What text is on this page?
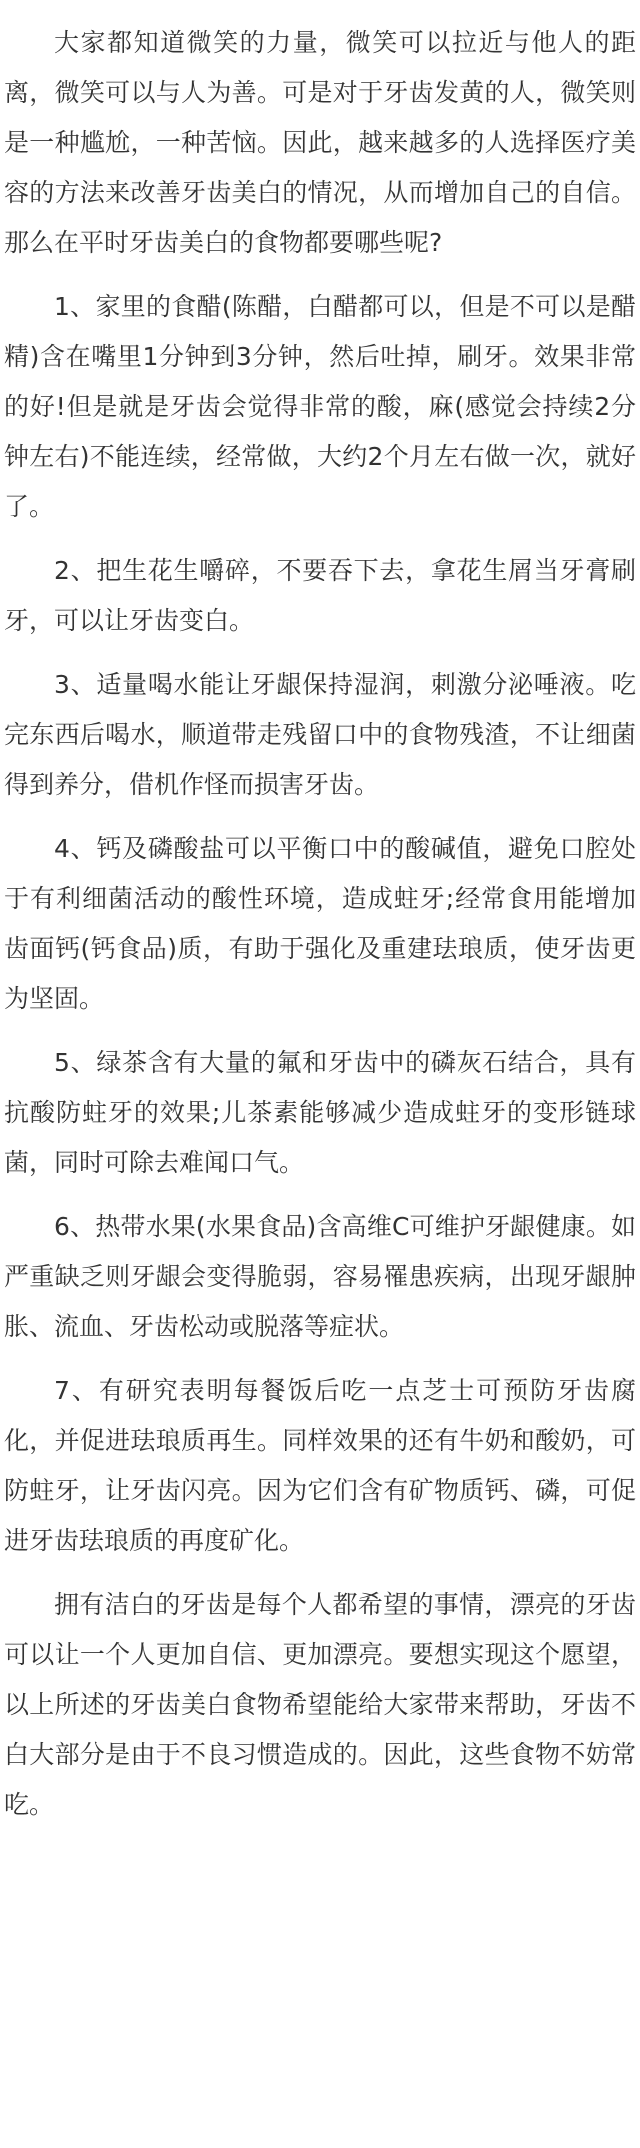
大家都知道微笑的力量，微笑可以拉近与他人的距离，微笑可以与人为善。可是对于牙齿发黄的人，微笑则是一种尴尬，一种苦恼。因此，越来越多的人选择医疗美容的方法来改善牙齿美白的情况，从而增加自己的自信。那么在平时牙齿美白的食物都要哪些呢?

1、家里的食醋(陈醋，白醋都可以，但是不可以是醋精)含在嘴里1分钟到3分钟，然后吐掉，刷牙。效果非常的好!但是就是牙齿会觉得非常的酸，麻(感觉会持续2分钟左右)不能连续，经常做，大约2个月左右做一次，就好了。

2、把生花生嚼碎，不要吞下去，拿花生屑当牙膏刷牙，可以让牙齿变白。

3、适量喝水能让牙龈保持湿润，刺激分泌唾液。吃完东西后喝水，顺道带走残留口中的食物残渣，不让细菌得到养分，借机作怪而损害牙齿。

4、钙及磷酸盐可以平衡口中的酸碱值，避免口腔处于有利细菌活动的酸性环境，造成蛀牙;经常食用能增加齿面钙(钙食品)质，有助于强化及重建珐琅质，使牙齿更为坚固。

5、绿茶含有大量的氟和牙齿中的磷灰石结合，具有抗酸防蛀牙的效果;儿茶素能够减少造成蛀牙的变形链球菌，同时可除去难闻口气。

6、热带水果(水果食品)含高维C可维护牙龈健康。如严重缺乏则牙龈会变得脆弱，容易罹患疾病，出现牙龈肿胀、流血、牙齿松动或脱落等症状。

7、有研究表明每餐饭后吃一点芝士可预防牙齿腐化，并促进珐琅质再生。同样效果的还有牛奶和酸奶，可防蛀牙，让牙齿闪亮。因为它们含有矿物质钙、磷，可促进牙齿珐琅质的再度矿化。

拥有洁白的牙齿是每个人都希望的事情，漂亮的牙齿可以让一个人更加自信、更加漂亮。要想实现这个愿望，以上所述的牙齿美白食物希望能给大家带来帮助，牙齿不白大部分是由于不良习惯造成的。因此，这些食物不妨常吃。
